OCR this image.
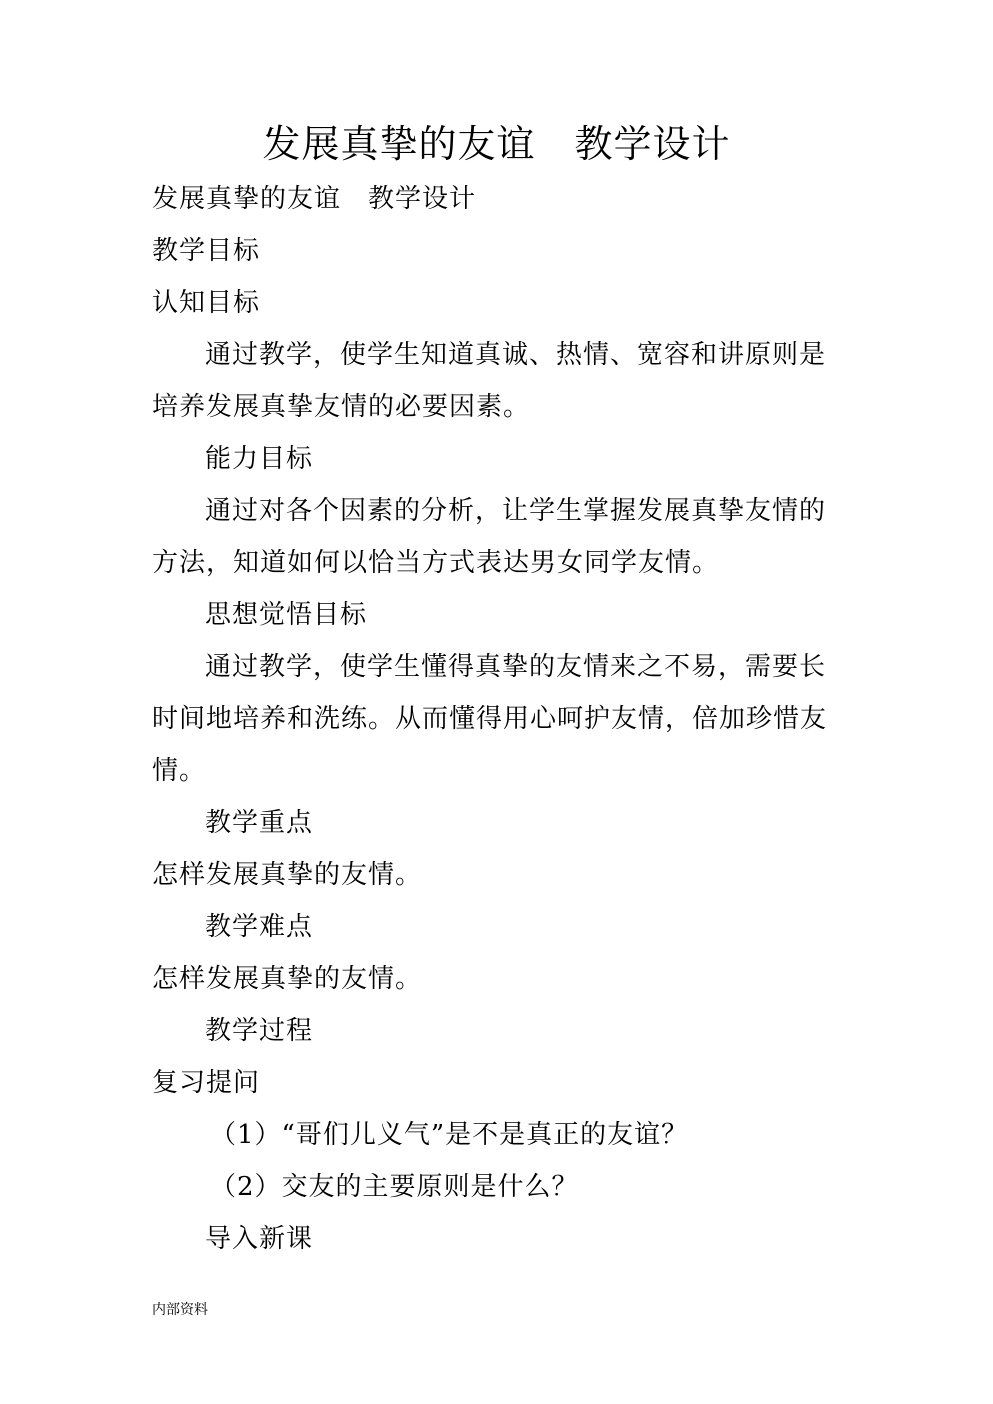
发展真挚的友谊　教学设计
发展真挚的友谊　教学设计
教学目标
认知目标
通过教学，使学生知道真诚、热情、宽容和讲原则是
培养发展真挚友情的必要因素。
能力目标
通过对各个因素的分析，让学生掌握发展真挚友情的
方法，知道如何以恰当方式表达男女同学友情。
思想觉悟目标
通过教学，使学生懂得真挚的友情来之不易，需要长
时间地培养和洗练。从而懂得用心呵护友情，倍加珍惜友
情。
教学重点
怎样发展真挚的友情。
教学难点
怎样发展真挚的友情。
教学过程
复习提问
（1）“哥们儿义气”是不是真正的友谊？
（2）交友的主要原则是什么？
导入新课
内部资料
